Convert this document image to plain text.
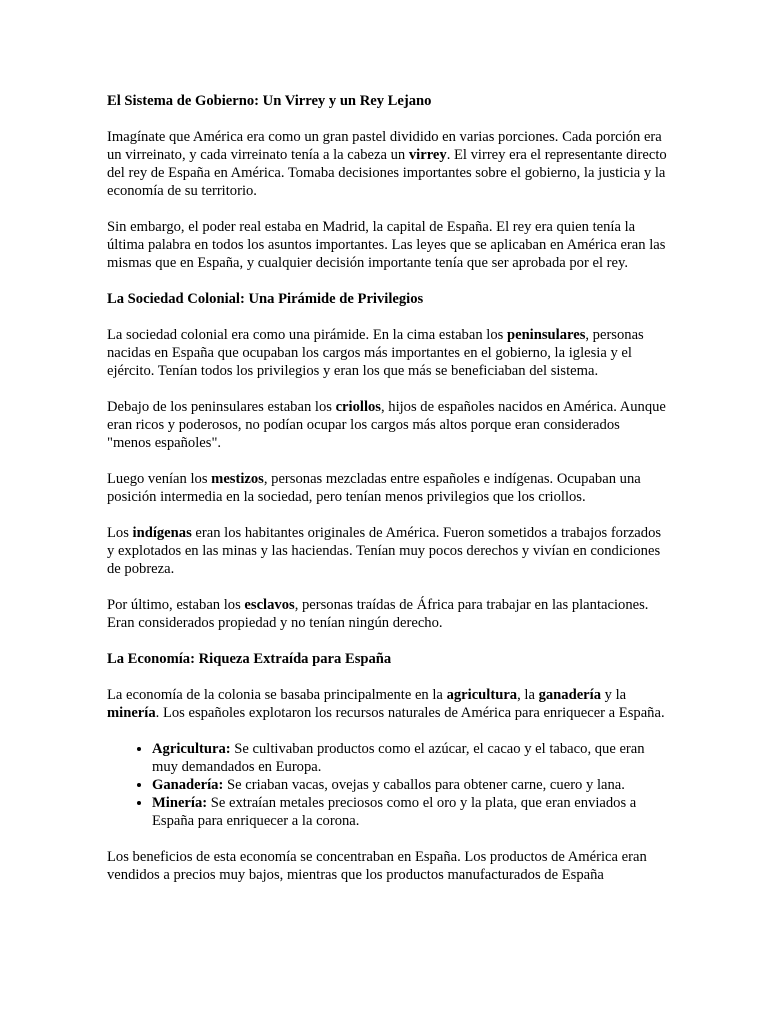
El Sistema de Gobierno: Un Virrey y un Rey Lejano
Imagínate que América era como un gran pastel dividido en varias porciones. Cada porción era un virreinato, y cada virreinato tenía a la cabeza un virrey. El virrey era el representante directo del rey de España en América. Tomaba decisiones importantes sobre el gobierno, la justicia y la economía de su territorio.
Sin embargo, el poder real estaba en Madrid, la capital de España. El rey era quien tenía la última palabra en todos los asuntos importantes. Las leyes que se aplicaban en América eran las mismas que en España, y cualquier decisión importante tenía que ser aprobada por el rey.
La Sociedad Colonial: Una Pirámide de Privilegios
La sociedad colonial era como una pirámide. En la cima estaban los peninsulares, personas nacidas en España que ocupaban los cargos más importantes en el gobierno, la iglesia y el ejército. Tenían todos los privilegios y eran los que más se beneficiaban del sistema.
Debajo de los peninsulares estaban los criollos, hijos de españoles nacidos en América. Aunque eran ricos y poderosos, no podían ocupar los cargos más altos porque eran considerados "menos españoles".
Luego venían los mestizos, personas mezcladas entre españoles e indígenas. Ocupaban una posición intermedia en la sociedad, pero tenían menos privilegios que los criollos.
Los indígenas eran los habitantes originales de América. Fueron sometidos a trabajos forzados y explotados en las minas y las haciendas. Tenían muy pocos derechos y vivían en condiciones de pobreza.
Por último, estaban los esclavos, personas traídas de África para trabajar en las plantaciones. Eran considerados propiedad y no tenían ningún derecho.
La Economía: Riqueza Extraída para España
La economía de la colonia se basaba principalmente en la agricultura, la ganadería y la minería. Los españoles explotaron los recursos naturales de América para enriquecer a España.
• Agricultura: Se cultivaban productos como el azúcar, el cacao y el tabaco, que eran muy demandados en Europa.
• Ganadería: Se criaban vacas, ovejas y caballos para obtener carne, cuero y lana.
• Minería: Se extraían metales preciosos como el oro y la plata, que eran enviados a España para enriquecer a la corona.
Los beneficios de esta economía se concentraban en España. Los productos de América eran vendidos a precios muy bajos, mientras que los productos manufacturados de España
